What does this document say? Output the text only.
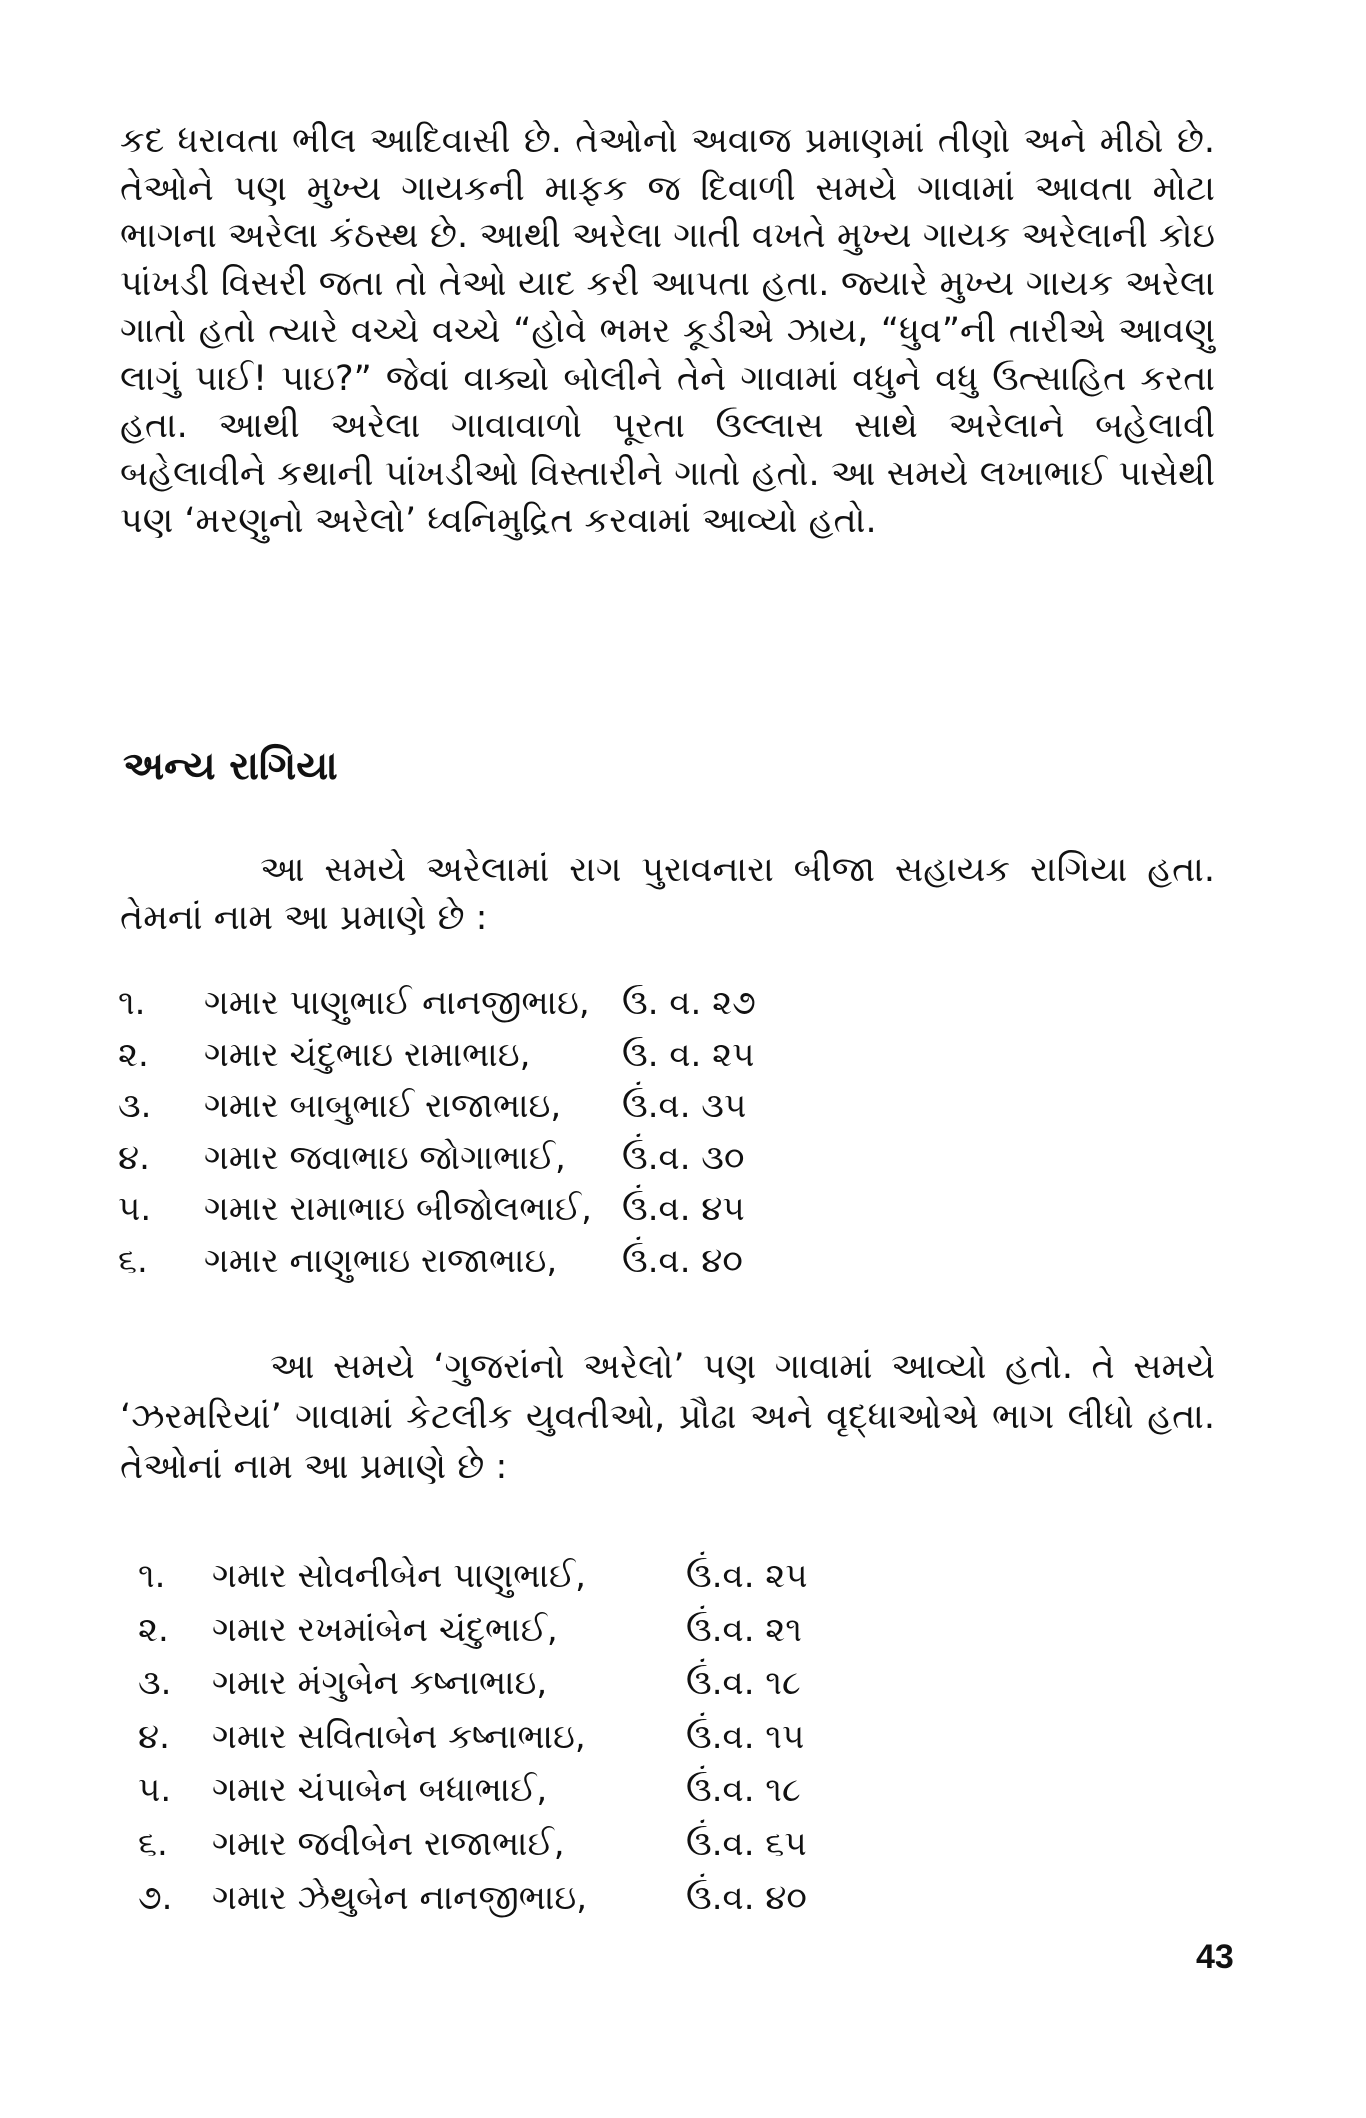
કદ ધરાવતા ભીલ આદિવાસી છે. તેઓનો અવાજ પ્રમાણમાં તીણો અને મીઠો છે. તેઓને પણ મુખ્ય ગાયકની માફક જ દિવાળી સમયે ગાવામાં આવતા મોટા ભાગના અરેલા કંઠસ્થ છે. આથી અરેલા ગાતી વખતે મુખ્ય ગાયક અરેલાની કોઇ પાંખડી વિસરી જતા તો તેઓ યાદ કરી આપતા હતા. જ્યારે મુખ્ય ગાયક અરેલા ગાતો હતો ત્યારે વચ્ચે વચ્ચે “હોવે ભમર કૂડીએ ઝાય, “ધુવ”ની તારીએ આવણુ લાગું પાઈ! પાઇ?” જેવાં વાક્યો બોલીને તેને ગાવામાં વધુને વધુ ઉત્સાહિત કરતા હતા. આથી અરેલા ગાવાવાળો પૂરતા ઉલ્લાસ સાથે અરેલાને બહેલાવી બહેલાવીને કથાની પાંખડીઓ વિસ્તારીને ગાતો હતો. આ સમયે લખાભાઈ પાસેથી પણ ‘મરણુનો અરેલો’ ધ્વનિમુદ્રિત કરવામાં આવ્યો હતો.

અન્ય રાગિયા

આ સમયે અરેલામાં રાગ પુરાવનારા બીજા સહાયક રાગિયા હતા. તેમનાં નામ આ પ્રમાણે છે :

૧. ગમાર પાણુભાઈ નાનજીભાઇ, ઉ. વ. ૨૭
૨. ગમાર ચંદુભાઇ રામાભાઇ,	ઉ. વ. ૨૫
૩. ગમાર બાબુભાઈ રાજાભાઇ, ઉં.વ. ૩૫
૪. ગમાર જવાભાઇ જોગાભાઈ, ઉં.વ. ૩૦
૫. ગમાર રામાભાઇ બીજોલભાઈ, ઉં.વ. ૪૫
૬. ગમાર નાણુભાઇ રાજાભાઇ, ઉં.વ. ૪૦

આ સમયે ‘ગુજરાંનો અરેલો’ પણ ગાવામાં આવ્યો હતો. તે સમયે ‘ઝરમરિયાં’ ગાવામાં કેટલીક યુવતીઓ, પ્રૌઢા અને વૃદ્ધાઓએ ભાગ લીધો હતા. તેઓનાં નામ આ પ્રમાણે છે :

૧. ગમાર સોવનીબેન પાણુભાઈ,	ઉં.વ. ૨૫
૨. ગમાર રખમાંબેન ચંદુભાઈ,	ઉં.વ. ૨૧
૩. ગમાર મંગુબેન કષ્નાભાઇ,	ઉં.વ. ૧૮
૪. ગમાર સવિતાબેન કષ્નાભાઇ,	ઉં.વ. ૧૫
૫. ગમાર ચંપાબેન બધાભાઈ,	ઉં.વ. ૧૮
૬. ગમાર જવીબેન રાજાભાઈ,	ઉં.વ. ૬૫
૭. ગમાર ઝેથુબેન નાનજીભાઇ,	ઉં.વ. ૪૦
43
